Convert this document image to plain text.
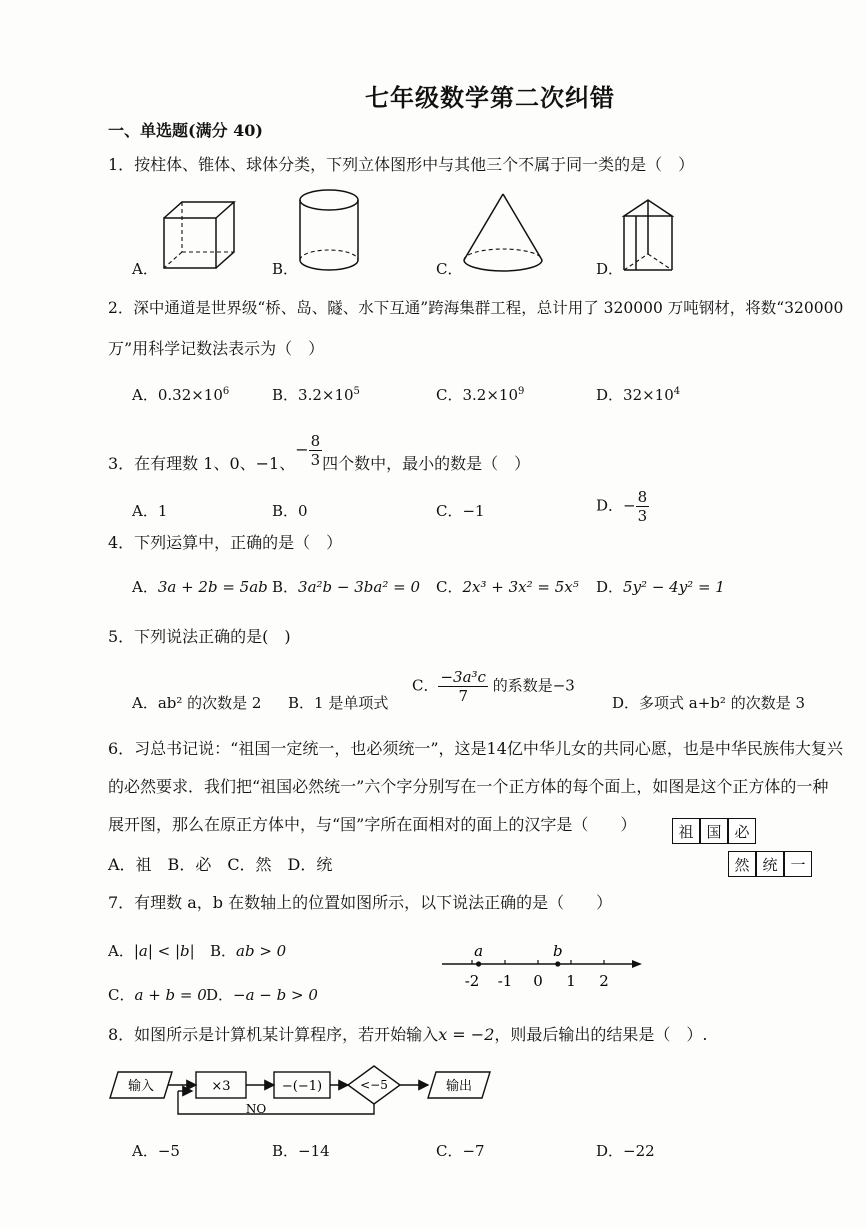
七年级数学第二次纠错
一、单选题(满分 40)
1．按柱体、锥体、球体分类，下列立体图形中与其他三个不属于同一类的是（　）
A．	B．	C．	D．
2．深中通道是世界级“桥、岛、隧、水下互通”跨海集群工程，总计用了 320000 万吨钢材，将数“320000
万”用科学记数法表示为（　）
A．$0.32\times 10^6$	B．$3.2\times 10^5$	C．$3.2\times 10^9$	D．$32\times 10^4$
3．在有理数 1、0、−1、− $\frac{8}{3}$ 四个数中，最小的数是（　）
A．1	B．0	C．−1	D．− $\frac{8}{3}$
4．下列运算中，正确的是（　）
A．3a + 2b = 5ab B．3a²b − 3ba² = 0 C．2x³ + 3x² = 5x⁵ D．5y² − 4y² = 1
5．下列说法正确的是(　)
A．ab² 的次数是 2 B．1 是单项式
C． $\frac{\text{−3a³c}}{7}$ 的系数是−3
D．多项式 a+b² 的次数是 3
6．习总书记说：“祖国一定统一，也必须统一”，这是14亿中华儿女的共同心愿，也是中华民族伟大复兴
的必然要求．我们把“祖国必然统一”六个字分别写在一个正方体的每个面上，如图是这个正方体的一种
展开图，那么在原正方体中，与“国”字所在面相对的面上的汉字是（　　）
A．祖　B．必　C．然　D．统
祖 国 必
然 统 一
7．有理数 a，b 在数轴上的位置如图所示，以下说法正确的是（　　）
A．|a| < |b| B．ab > 0
C．a + b = 0 D．−a − b > 0
-2 -1 0 1 2
a	b
8．如图所示是计算机某计算程序，若开始输入x = −2，则最后输出的结果是（　）.
输入	×3	−(−1)	<−5	输出
NO
A．−5	B．−14	C．−7	D．−22
